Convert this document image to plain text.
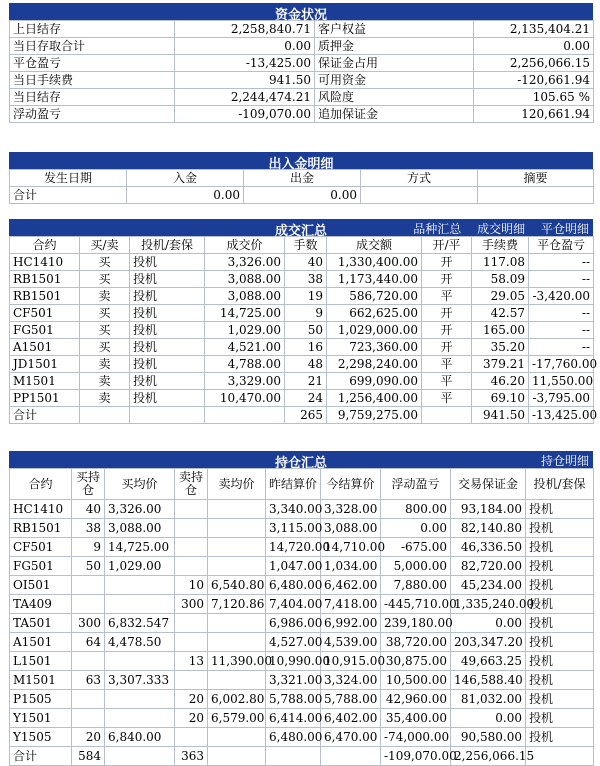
资金状况
上日结存	2,258,840.71	客户权益	2,135,404.21
当日存取合计	0.00	质押金	0.00
平仓盈亏	-13,425.00	保证金占用	2,256,066.15
当日手续费	941.50	可用资金	-120,661.94
当日结存	2,244,474.21	风险度	105.65 %
浮动盈亏	-109,070.00	追加保证金	120,661.94
出入金明细
发生日期	入金	出金	方式	摘要
合计	0.00	0.00		
成交汇总	品种汇总 成交明细 平仓明细
合约	买/卖	投机/套保	成交价	手数	成交额	开/平	手续费	平仓盈亏
HC1410	买	投机	3,326.00	40	1,330,400.00	开	117.08	--
RB1501	买	投机	3,088.00	38	1,173,440.00	开	58.09	--
RB1501	卖	投机	3,088.00	19	586,720.00	平	29.05	-3,420.00
CF501	买	投机	14,725.00	9	662,625.00	开	42.57	--
FG501	买	投机	1,029.00	50	1,029,000.00	开	165.00	--
A1501	买	投机	4,521.00	16	723,360.00	开	35.20	--
JD1501	卖	投机	4,788.00	48	2,298,240.00	平	379.21	-17,760.00
M1501	卖	投机	3,329.00	21	699,090.00	平	46.20	11,550.00
PP1501	卖	投机	10,470.00	24	1,256,400.00	平	69.10	-3,795.00
合计				265	9,759,275.00		941.50	-13,425.00
持仓汇总	持仓明细
合约	买持仓	买均价	卖持仓	卖均价	昨结算价	今结算价	浮动盈亏	交易保证金	投机/套保
HC1410	40	3,326.00			3,340.00	3,328.00	800.00	93,184.00	投机
RB1501	38	3,088.00			3,115.00	3,088.00	0.00	82,140.80	投机
CF501	9	14,725.00			14,720.00	14,710.00	-675.00	46,336.50	投机
FG501	50	1,029.00			1,047.00	1,034.00	5,000.00	82,720.00	投机
OI501			10	6,540.80	6,480.00	6,462.00	7,880.00	45,234.00	投机
TA409			300	7,120.86	7,404.00	7,418.00	-445,710.00	1,335,240.00	投机
TA501	300	6,832.547			6,986.00	6,992.00	239,180.00	0.00	投机
A1501	64	4,478.50			4,527.00	4,539.00	38,720.00	203,347.20	投机
L1501			13	11,390.00	10,990.00	10,915.00	30,875.00	49,663.25	投机
M1501	63	3,307.333			3,321.00	3,324.00	10,500.00	146,588.40	投机
P1505			20	6,002.80	5,788.00	5,788.00	42,960.00	81,032.00	投机
Y1501			20	6,579.00	6,414.00	6,402.00	35,400.00	0.00	投机
Y1505	20	6,840.00			6,480.00	6,470.00	-74,000.00	90,580.00	投机
合计	584		363				-109,070.00	2,256,066.15	
